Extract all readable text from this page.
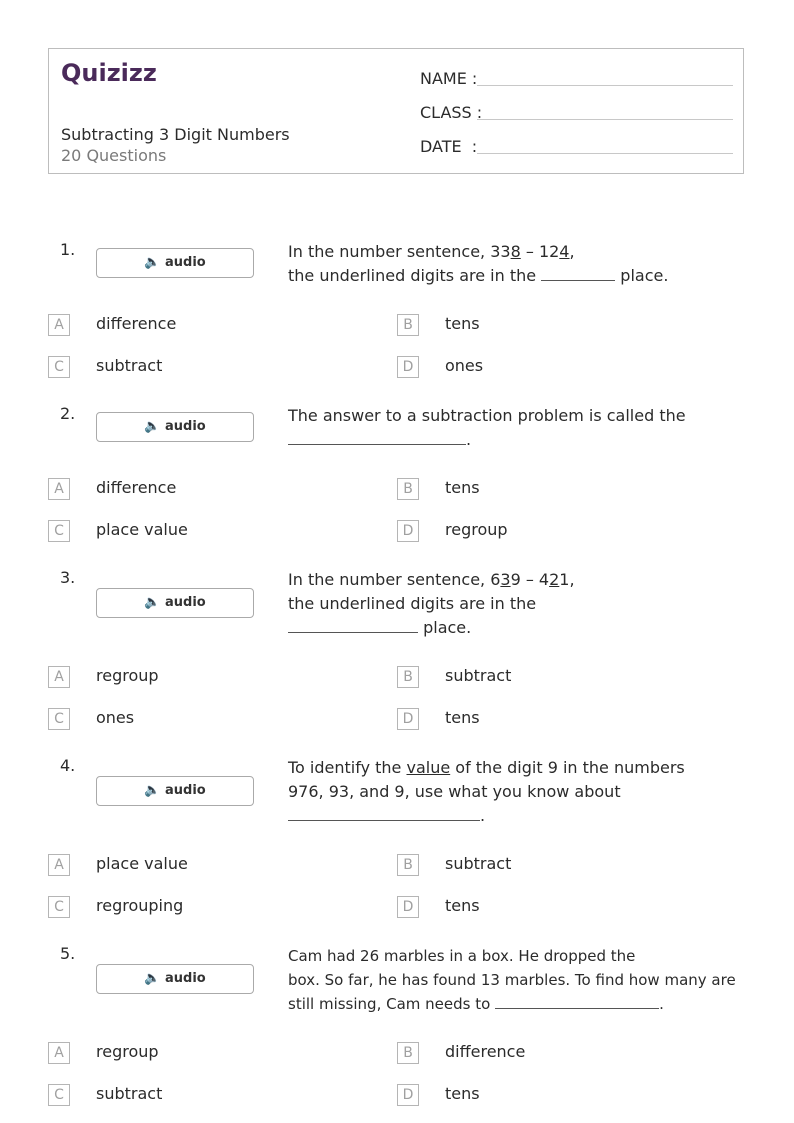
Quizizz
Subtracting 3 Digit Numbers
20 Questions
NAME :
CLASS :
DATE  :
1.
🔈 audio
In the number sentence, 338 – 124,
the underlined digits are in the	place.
A	difference	B	tens
C	subtract	D	ones
2.
🔈 audio
The answer to a subtraction problem is called the
.
A	difference	B	tens
C	place value	D	regroup
3.
🔈 audio
In the number sentence, 639 – 421,
the underlined digits are in the
place.
A	regroup	B	subtract
C	ones	D	tens
4.
🔈 audio
To identify the value of the digit 9 in the numbers
976, 93, and 9, use what you know about
.
A	place value	B	subtract
C	regrouping	D	tens
5.
🔈 audio
Cam had 26 marbles in a box. He dropped the
box. So far, he has found 13 marbles. To find how many are
still missing, Cam needs to	.
A	regroup	B	difference
C	subtract	D	tens
